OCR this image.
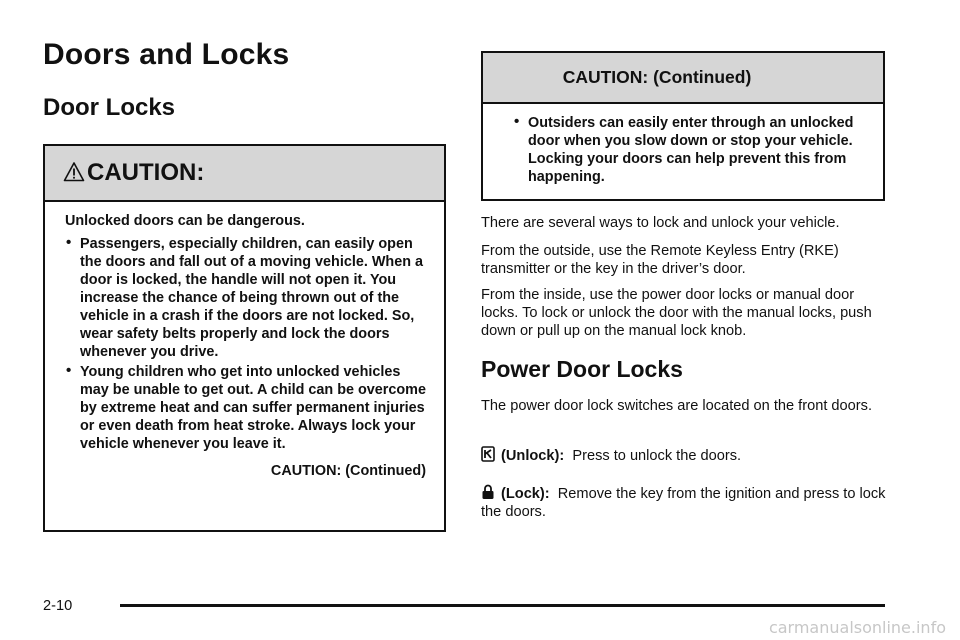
Doors and Locks
Door Locks
CAUTION:

Unlocked doors can be dangerous.

• Passengers, especially children, can easily open the doors and fall out of a moving vehicle. When a door is locked, the handle will not open it. You increase the chance of being thrown out of the vehicle in a crash if the doors are not locked. So, wear safety belts properly and lock the doors whenever you drive.
• Young children who get into unlocked vehicles may be unable to get out. A child can be overcome by extreme heat and can suffer permanent injuries or even death from heat stroke. Always lock your vehicle whenever you leave it.
CAUTION: (Continued)
CAUTION: (Continued)
• Outsiders can easily enter through an unlocked door when you slow down or stop your vehicle. Locking your doors can help prevent this from happening.

There are several ways to lock and unlock your vehicle.

From the outside, use the Remote Keyless Entry (RKE) transmitter or the key in the driver’s door.

From the inside, use the power door locks or manual door locks. To lock or unlock the door with the manual locks, push down or pull up on the manual lock knob.

Power Door Locks

The power door lock switches are located on the front doors.

(Unlock): Press to unlock the doors.

(Lock): Remove the key from the ignition and press to lock the doors.

2-10
carmanualsonline.info
